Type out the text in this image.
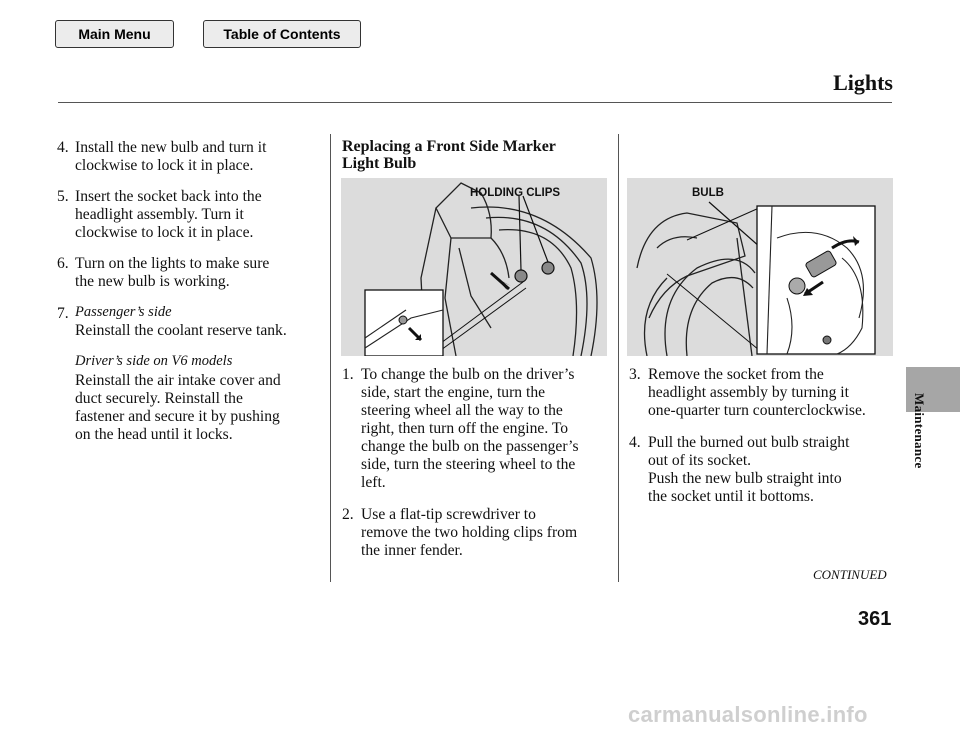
Main Menu	Table of Contents
Lights
Maintenance
4. Install the new bulb and turn it
clockwise to lock it in place.
5. Insert the socket back into the
headlight assembly. Turn it
clockwise to lock it in place.
6. Turn on the lights to make sure
the new bulb is working.
7. Passenger’s side
Reinstall the coolant reserve tank.
Driver’s side on V6 models
Reinstall the air intake cover and
duct securely. Reinstall the
fastener and secure it by pushing
on the head until it locks.
Replacing a Front Side Marker
Light Bulb
HOLDING CLIPS
1. To change the bulb on the driver’s
side, start the engine, turn the
steering wheel all the way to the
right, then turn off the engine. To
change the bulb on the passenger’s
side, turn the steering wheel to the
left.
2. Use a flat-tip screwdriver to
remove the two holding clips from
the inner fender.
BULB
3. Remove the socket from the
headlight assembly by turning it
one-quarter turn counterclockwise.
4. Pull the burned out bulb straight
out of its socket.
Push the new bulb straight into
the socket until it bottoms.
CONTINUED
361
carmanualsonline.info
